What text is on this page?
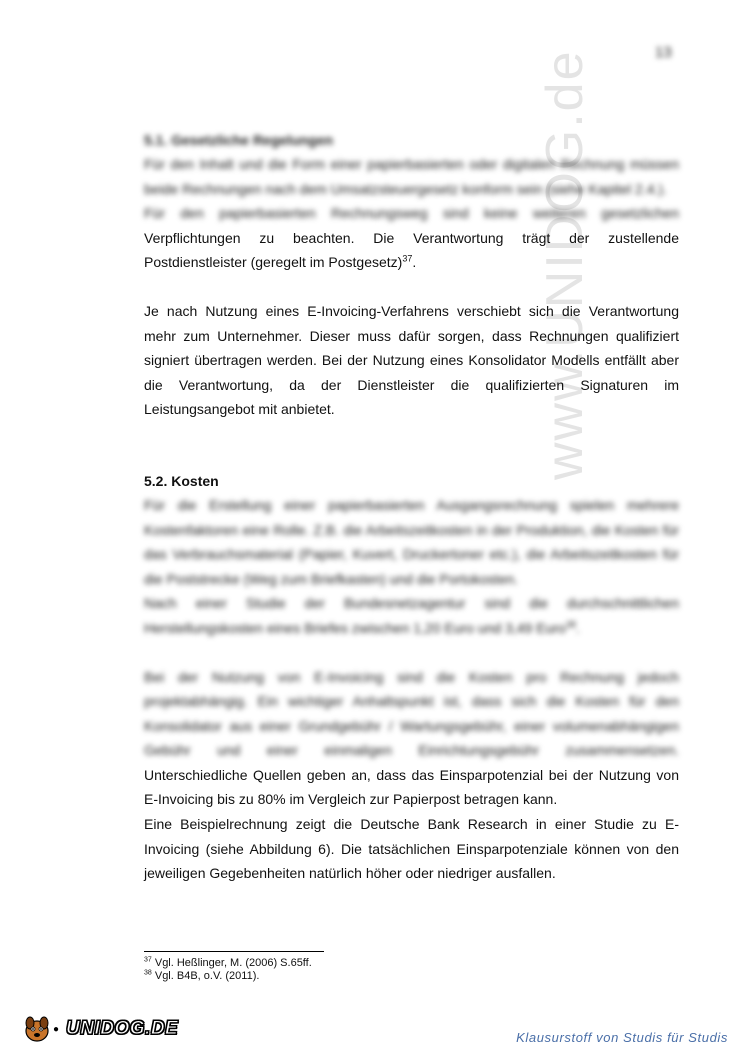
13
www.UNIDOG.de

5.1. Gesetzliche Regelungen

Für den Inhalt und die Form einer papierbasierten oder digitalen Rechnung müssen beide Rechnungen nach dem Umsatzsteuergesetz konform sein (siehe Kapitel 2.4.).

Für den papierbasierten Rechnungsweg sind keine weiteren gesetzlichen

Verpflichtungen zu beachten. Die Verantwortung trägt der zustellende

Postdienstleister (geregelt im Postgesetz)$^{37}$.

Je nach Nutzung eines E-Invoicing-Verfahrens verschiebt sich die Verantwortung mehr zum Unternehmer. Dieser muss dafür sorgen, dass Rechnungen qualifiziert signiert übertragen werden. Bei der Nutzung eines Konsolidator Modells entfällt aber die Verantwortung, da der Dienstleister die qualifizierten Signaturen im Leistungsangebot mit anbietet.

5.2. Kosten

Für die Erstellung einer papierbasierten Ausgangsrechnung spielen mehrere Kostenfaktoren eine Rolle. Z.B. die Arbeitszeitkosten in der Produktion, die Kosten für das Verbrauchsmaterial (Papier, Kuvert, Druckertoner etc.), die Arbeitszeitkosten für die Poststrecke (Weg zum Briefkasten) und die Portokosten.

Nach einer Studie der Bundesnetzagentur sind die durchschnittlichen Herstellungskosten eines Briefes zwischen 1,20 Euro und 3,49 Euro$^{38}$.

Bei der Nutzung von E-Invoicing sind die Kosten pro Rechnung jedoch projektabhängig. Ein wichtiger Anhaltspunkt ist, dass sich die Kosten für den Konsolidator aus einer Grundgebühr / Wartungsgebühr, einer volumenabhängigen Gebühr und einer einmaligen Einrichtungsgebühr zusammensetzen.

Unterschiedliche Quellen geben an, dass das Einsparpotenzial bei der Nutzung von E-Invoicing bis zu 80% im Vergleich zur Papierpost betragen kann.

Eine Beispielrechnung zeigt die Deutsche Bank Research in einer Studie zu E-Invoicing (siehe Abbildung 6). Die tatsächlichen Einsparpotenziale können von den jeweiligen Gegebenheiten natürlich höher oder niedriger ausfallen.

$^{37}$ Vgl. Heßlinger, M. (2006) S.65ff.
$^{38}$ Vgl. B4B, o.V. (2011).
● UNIDOG.DE	Klausurstoff von Studis für Studis
